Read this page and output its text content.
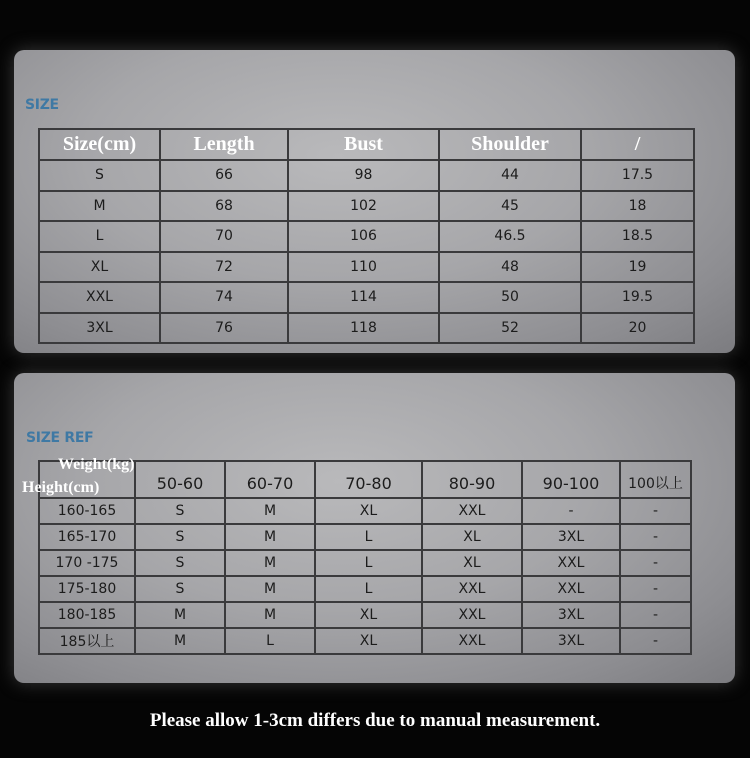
SIZE
Size(cm)	Length	Bust	Shoulder	/
S	66	98	44	17.5
M	68	102	45	18
L	70	106	46.5	18.5
XL	72	110	48	19
XXL	74	114	50	19.5
3XL	76	118	52	20
SIZE REF
Weight(kg)
Height(cm)	50-60	60-70	70-80	80-90	90-100	100以上
160-165	S	M	XL	XXL	-	-
165-170	S	M	L	XL	3XL	-
170 -175	S	M	L	XL	XXL	-
175-180	S	M	L	XXL	XXL	-
180-185	M	M	XL	XXL	3XL	-
185以上	M	L	XL	XXL	3XL	-
Please allow 1-3cm differs due to manual measurement.
